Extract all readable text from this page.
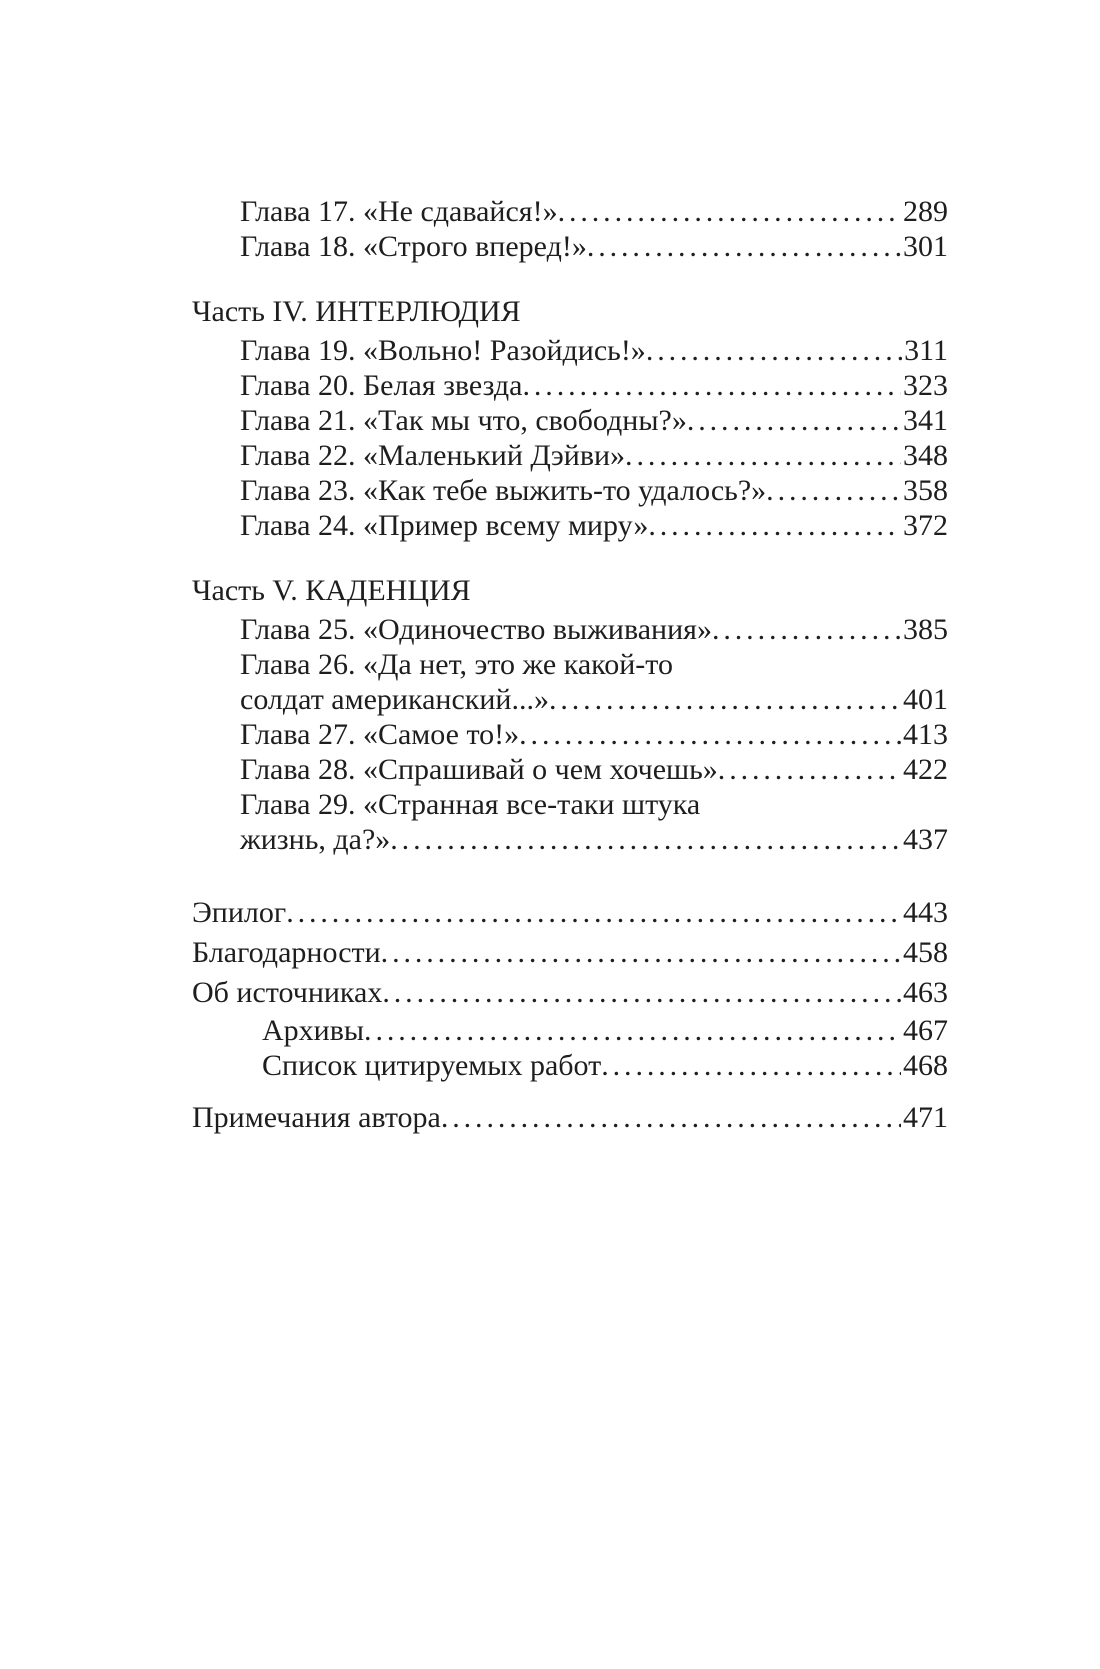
Глава 17. «Не сдавайся!» .....	289
Глава 18. «Строго вперед!» .....	301
Часть IV. ИНТЕРЛЮДИЯ
Глава 19. «Вольно! Разойдись!» .....	311
Глава 20. Белая звезда .....	323
Глава 21. «Так мы что, свободны?» .....	341
Глава 22. «Маленький Дэйви» .....	348
Глава 23. «Как тебе выжить-то удалось?» .....	358
Глава 24. «Пример всему миру» .....	372
Часть V. КАДЕНЦИЯ
Глава 25. «Одиночество выживания» .....	385
Глава 26. «Да нет, это же какой-то
солдат американский...» .....	401
Глава 27. «Самое то!» .....	413
Глава 28. «Спрашивай о чем хочешь» .....	422
Глава 29. «Странная все-таки штука
жизнь, да?» .....	437
Эпилог .....	443
Благодарности .....	458
Об источниках .....	463
Архивы .....	467
Список цитируемых работ .....	468
Примечания автора .....	471
